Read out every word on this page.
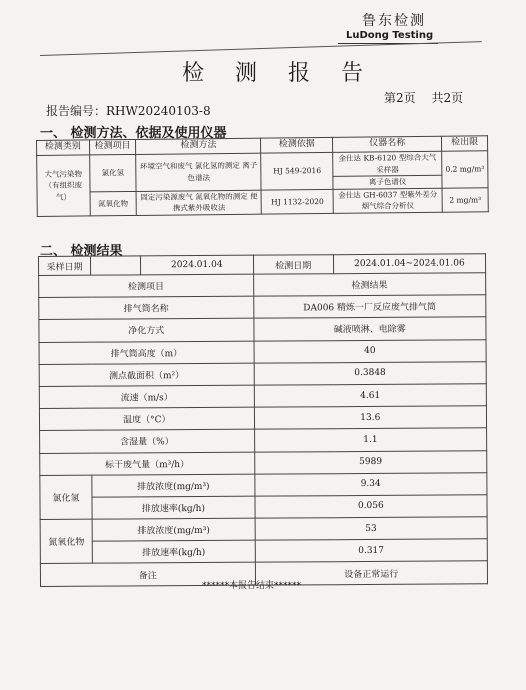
鲁东检测
LuDong Testing
检 测 报 告
报告编号：RHW20240103-8
第2页 共2页
一、 检测方法、依据及使用仪器
检测类别	检测项目	检测方法	检测依据	仪器名称	检出限
大气污染物（有组织废气）	氯化氢	环境空气和废气 氯化氢的测定 离子色谱法	HJ 549-2016	金仕达 KB-6120 型综合大气采样器	0.2 mg/m³
				离子色谱仪	
	氮氧化物	固定污染源废气 氮氧化物的测定 便携式紫外吸收法	HJ 1132-2020	金仕达 GH-6037 型紫外差分烟气综合分析仪	2 mg/m³
二、 检测结果
采样日期		2024.01.04	检测日期	2024.01.04~2024.01.06
检测项目			检测结果	
排气筒名称			DA006 精炼一厂反应废气排气筒	
净化方式			碱液喷淋、电除雾	
排气筒高度（m）			40	
测点截面积（m²）			0.3848	
流速（m/s）			4.61	
温度（°C）			13.6	
含湿量（%）			1.1	
标干废气量（m³/h）			5989	
氯化氢	排放浓度(mg/m³)		9.34	
	排放速率(kg/h)		0.056	
氮氧化物	排放浓度(mg/m³)		53	
	排放速率(kg/h)		0.317	
备注			设备正常运行	
******本报告结束******
